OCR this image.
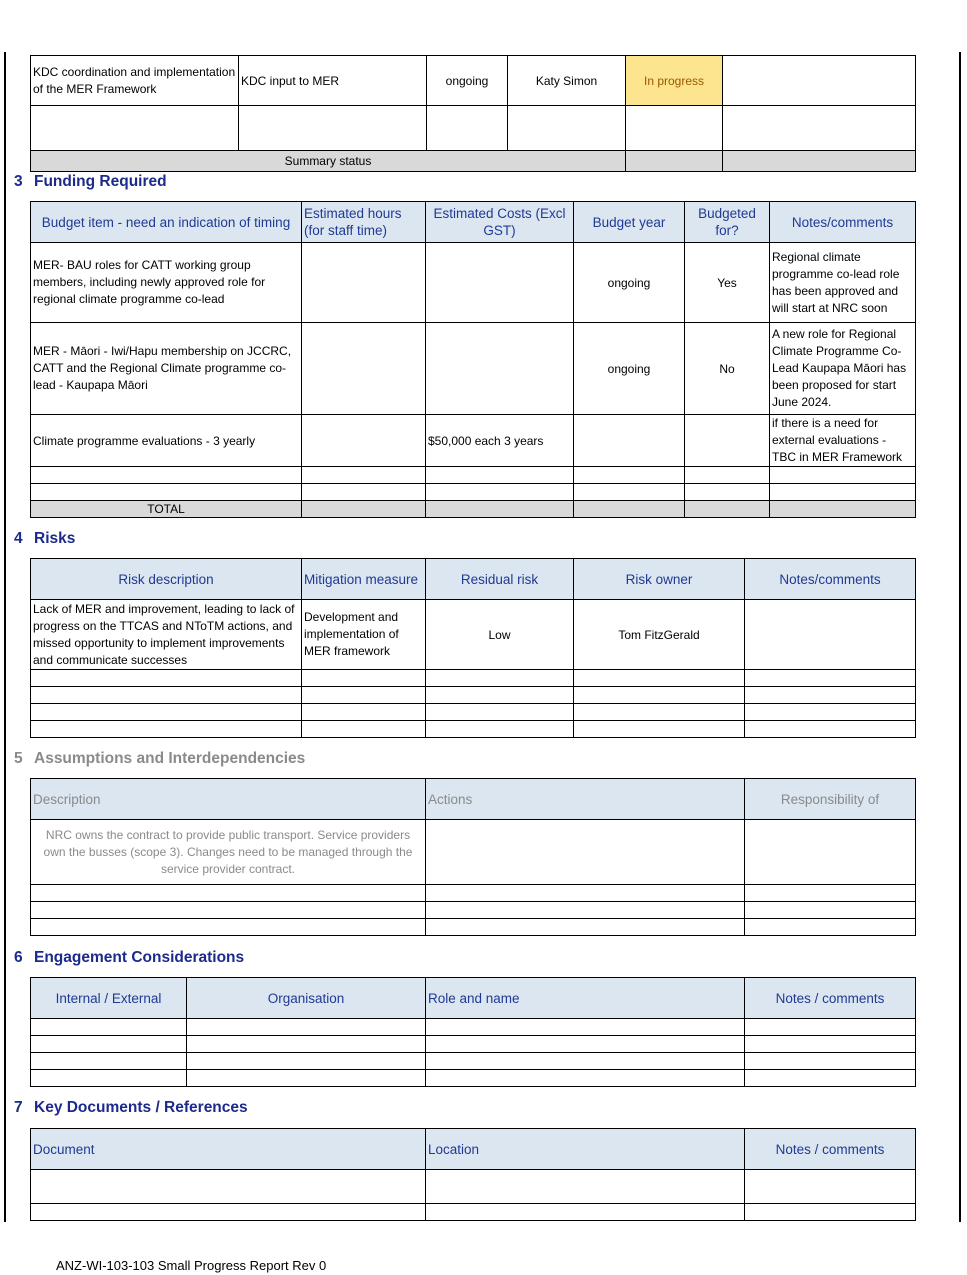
KDC coordination and implementation of the MER Framework	KDC input to MER	ongoing	Katy Simon	In progress	

Summary status					
3 Funding Required
Budget item - need an indication of timing	Estimated hours (for staff time)	Estimated Costs (Excl GST)	Budget year	Budgeted for?	Notes/comments
MER- BAU roles for CATT working group members, including newly approved role for regional climate programme co-lead			ongoing	Yes	Regional climate programme co-lead role has been approved and will start at NRC soon
MER - Māori - Iwi/Hapu membership on JCCRC, CATT and the Regional Climate programme co-lead - Kaupapa Māori			ongoing	No	A new role for Regional Climate Programme Co-Lead Kaupapa Māori has been proposed for start June 2024.
Climate programme evaluations - 3 yearly		$50,000 each 3 years			if there is a need for external evaluations - TBC in MER Framework

TOTAL					
4 Risks
Risk description	Mitigation measure	Residual risk	Risk owner	Notes/comments
Lack of MER and improvement, leading to lack of progress on the TTCAS and NToTM actions, and missed opportunity to implement improvements and communicate successes	Development and implementation of MER framework	Low	Tom FitzGerald	

5 Assumptions and Interdependencies
Description	Actions	Responsibility of
NRC owns the contract to provide public transport. Service providers own the busses (scope 3). Changes need to be managed through the service provider contract.		

6 Engagement Considerations
Internal / External	Organisation	Role and name	Notes / comments

7 Key Documents / References
Document	Location	Notes / comments

ANZ-WI-103-103 Small Progress Report Rev 0
